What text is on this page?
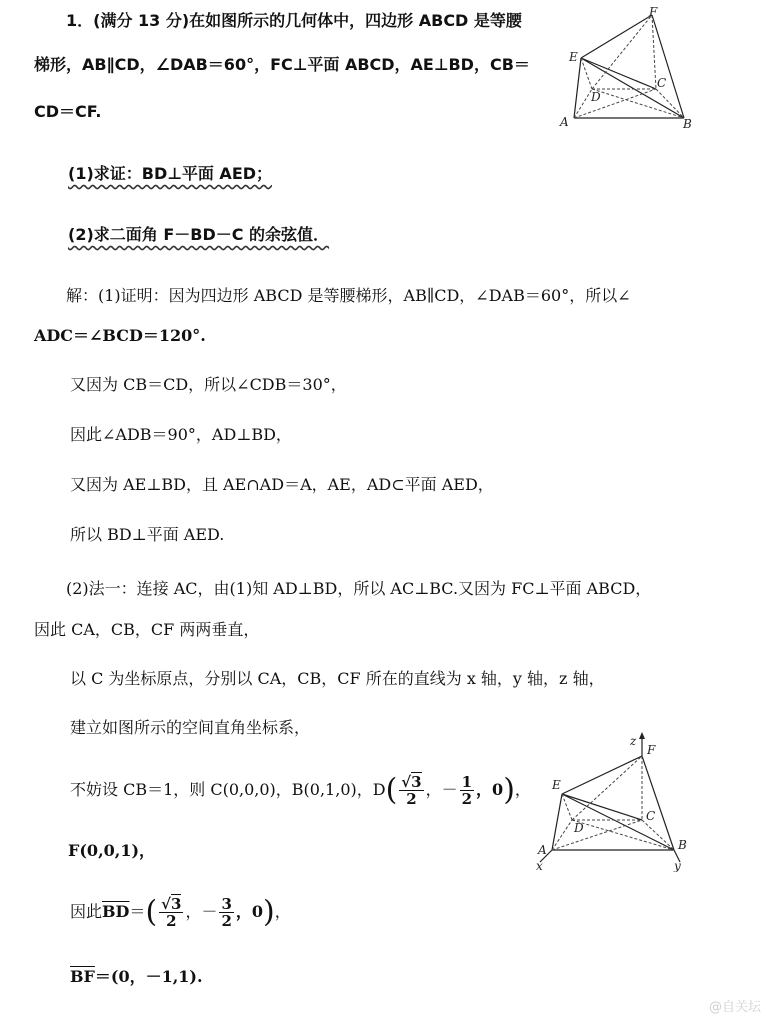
1．(满分 13 分)在如图所示的几何体中，四边形 ABCD 是等腰
梯形，AB∥CD，∠DAB＝60°，FC⊥平面 ABCD，AE⊥BD，CB＝
CD＝CF.
F
E
C
D
A	B
(1)求证：BD⊥平面 AED；
(2)求二面角 F－BD－C 的余弦值．
解：(1)证明：因为四边形 ABCD 是等腰梯形，AB∥CD，∠DAB＝60°，所以∠
ADC＝∠BCD＝120°.
又因为 CB＝CD，所以∠CDB＝30°，
因此∠ADB＝90°，AD⊥BD，
又因为 AE⊥BD，且 AE∩AD＝A，AE，AD⊂平面 AED，
所以 BD⊥平面 AED.
(2)法一：连接 AC，由(1)知 AD⊥BD，所以 AC⊥BC.又因为 FC⊥平面 ABCD，
因此 CA，CB，CF 两两垂直，
以 C 为坐标原点，分别以 CA，CB，CF 所在的直线为 x 轴，y 轴，z 轴，
建立如图所示的空间直角坐标系，
不妨设 CB＝1，则 C(0,0,0)，B(0,1,0)，$D( \frac{√3}{2}$ ，－ $\frac{1}{2}$ ，0)，
F(0,0,1)，
因此$\overline{BD}=( \frac{√3}{2}$ ，－ $\frac{3}{2}$ ，0)，
$\overline{BF}=(0$，－1,1).
z
F
E
C
D
A	B
x	y
@自关坛
